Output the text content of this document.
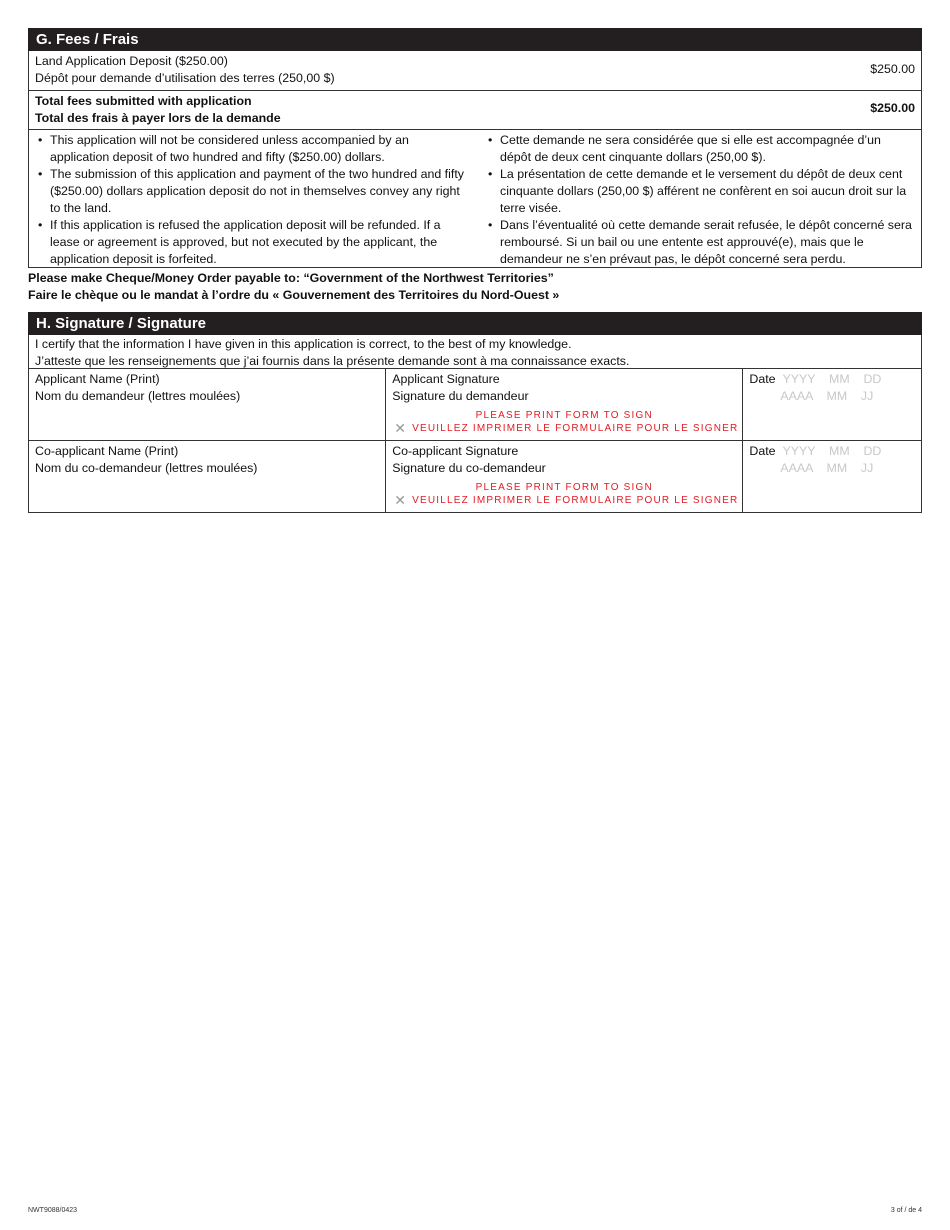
G. Fees / Frais
Land Application Deposit ($250.00)
Dépôt pour demande d’utilisation des terres (250,00 $)
$250.00
Total fees submitted with application
Total des frais à payer lors de la demande
$250.00
• This application will not be considered unless accompanied by an application deposit of two hundred and fifty ($250.00) dollars.
• The submission of this application and payment of the two hundred and fifty ($250.00) dollars application deposit do not in themselves convey any right to the land.
• If this application is refused the application deposit will be refunded. If a lease or agreement is approved, but not executed by the applicant, the application deposit is forfeited.
• Cette demande ne sera considérée que si elle est accompagnée d’un dépôt de deux cent cinquante dollars (250,00 $).
• La présentation de cette demande et le versement du dépôt de deux cent cinquante dollars (250,00 $) afférent ne confèrent en soi aucun droit sur la terre visée.
• Dans l’éventualité où cette demande serait refusée, le dépôt concerné sera remboursé. Si un bail ou une entente est approuvé(e), mais que le demandeur ne s’en prévaut pas, le dépôt concerné sera perdu.
Please make Cheque/Money Order payable to: “Government of the Northwest Territories”
Faire le chèque ou le mandat à l’ordre du « Gouvernement des Territoires du Nord-Ouest »
H. Signature / Signature
I certify that the information I have given in this application is correct, to the best of my knowledge.
J’atteste que les renseignements que j’ai fournis dans la présente demande sont à ma connaissance exacts.
Applicant Name (Print)
Nom du demandeur (lettres moulées)
Applicant Signature
Signature du demandeur
PLEASE PRINT FORM TO SIGN
VEUILLEZ IMPRIMER LE FORMULAIRE POUR LE SIGNER
✕
Date YYYY    MM    DD
AAAA    MM    JJ
Co-applicant Name (Print)
Nom du co-demandeur (lettres moulées)
Co-applicant Signature
Signature du co-demandeur
PLEASE PRINT FORM TO SIGN
VEUILLEZ IMPRIMER LE FORMULAIRE POUR LE SIGNER
✕
Date YYYY    MM    DD
AAAA    MM    JJ
NWT9088/0423	3 of / de 4
